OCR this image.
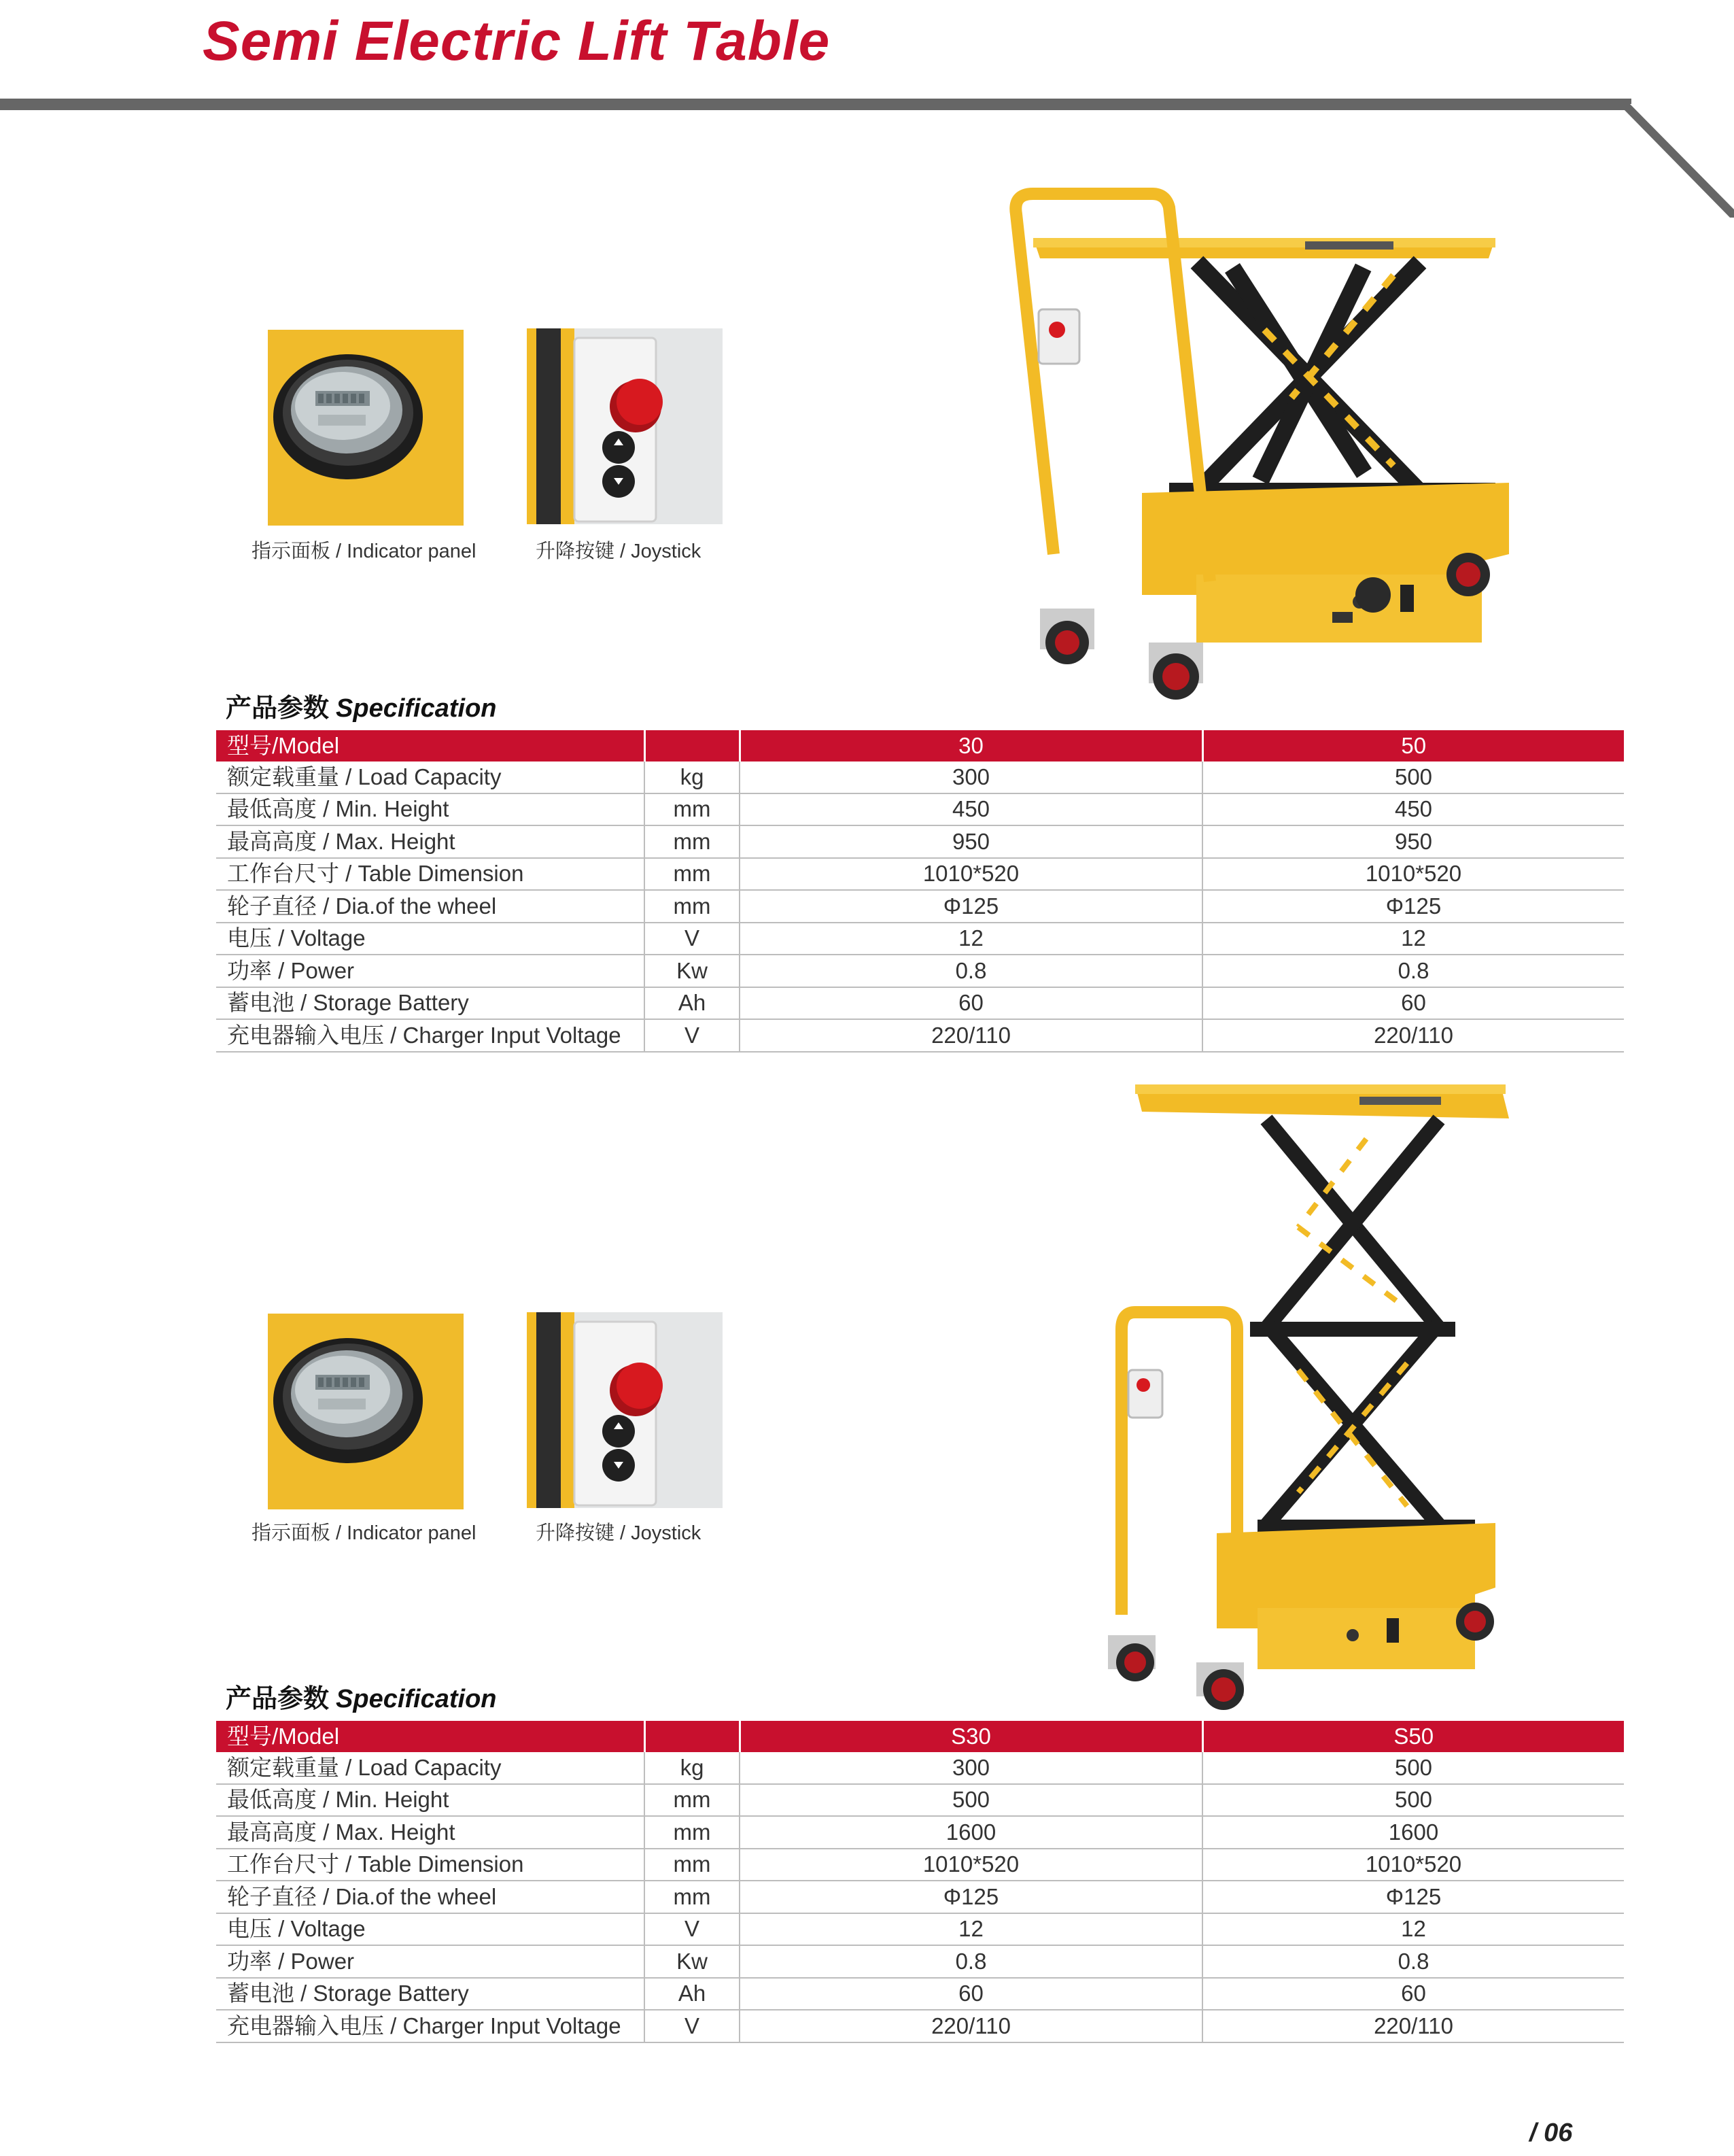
Semi Electric Lift Table
指示面板 / Indicator panel	升降按键 / Joystick
产品参数 Specification
型号/Model		30	50
额定载重量 / Load Capacity	kg	300	500
最低高度 / Min. Height	mm	450	450
最高高度 / Max. Height	mm	950	950
工作台尺寸 / Table Dimension	mm	1010*520	1010*520
轮子直径 / Dia.of the wheel	mm	Φ125	Φ125
电压 / Voltage	V	12	12
功率 / Power	Kw	0.8	0.8
蓄电池 / Storage Battery	Ah	60	60
充电器输入电压 / Charger Input Voltage	V	220/110	220/110
指示面板 / Indicator panel	升降按键 / Joystick
产品参数 Specification
型号/Model		S30	S50
额定载重量 / Load Capacity	kg	300	500
最低高度 / Min. Height	mm	500	500
最高高度 / Max. Height	mm	1600	1600
工作台尺寸 / Table Dimension	mm	1010*520	1010*520
轮子直径 / Dia.of the wheel	mm	Φ125	Φ125
电压 / Voltage	V	12	12
功率 / Power	Kw	0.8	0.8
蓄电池 / Storage Battery	Ah	60	60
充电器输入电压 / Charger Input Voltage	V	220/110	220/110
/ 06
